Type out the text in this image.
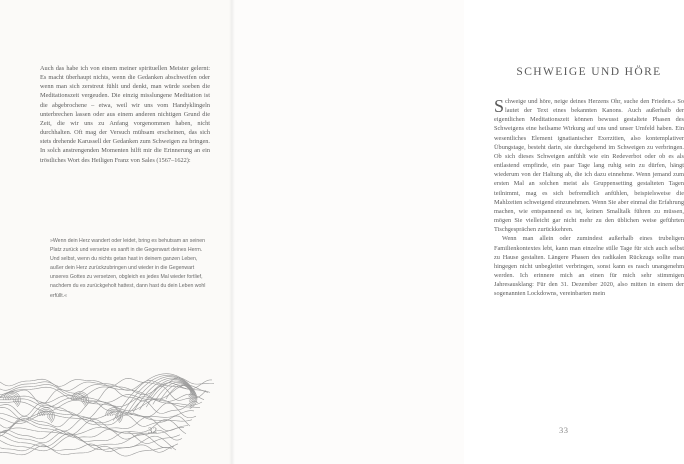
Auch das habe ich von einem meiner spirituellen Meister gelernt: Es macht überhaupt nichts, wenn die Gedanken abschweifen oder wenn man sich zerstreut fühlt und denkt, man würde soeben die Meditationszeit vergeuden. Die einzig misslungene Meditation ist die abgebrochene – etwa, weil wir uns vom Handyklingeln unterbrechen lassen oder aus einem anderen nichtigen Grund die Zeit, die wir uns zu Anfang vorgenommen haben, nicht durchhalten. Oft mag der Versuch mühsam erscheinen, das sich stets drehende Karussell der Gedanken zum Schweigen zu bringen. In solch anstrengenden Momenten hilft mir die Erinnerung an ein tröstliches Wort des Heiligen Franz von Sales (1567–1622):

»Wenn dein Herz wandert oder leidet, bring es behutsam an seinen Platz zurück und versetze es sanft in die Gegenwart deines Herrn. Und selbst, wenn du nichts getan hast in deinem ganzen Leben, außer dein Herz zurückzubringen und wieder in die Gegenwart unseres Gottes zu versetzen, obgleich es jedes Mal wieder fortlief, nachdem du es zurückgeholt hattest, dann hast du dein Leben wohl erfüllt.«

32
SCHWEIGE UND HÖRE

Schweige und höre, neige deines Herzens Ohr, suche den Frieden.« So lautet der Text eines bekannten Kanons. Auch außerhalb der eigentlichen Meditationszeit können bewusst gestaltete Phasen des Schweigens eine heilsame Wirkung auf uns und unser Umfeld haben. Ein wesentliches Element ignatianischer Exerzitien, also kontemplativer Übungstage, besteht darin, sie durchgehend im Schweigen zu verbringen. Ob sich dieses Schweigen anfühlt wie ein Redeverbot oder ob es als entlastend empfinde, ein paar Tage lang ruhig sein zu dürfen, hängt wiederum von der Haltung ab, die ich dazu einnehme. Wenn jemand zum ersten Mal an solchen meist als Gruppensetting gestalteten Tagen teilnimmt, mag es sich befremdlich anfühlen, beispielsweise die Mahlzeiten schweigend einzunehmen. Wenn Sie aber einmal die Erfahrung machen, wie entspannend es ist, keinen Smalltalk führen zu müssen, mögen Sie vielleicht gar nicht mehr zu den üblichen weise geführten Tischgesprächen zurückkehren.

Wenn man allein oder zumindest außerhalb eines trubeligen Familienkontextes lebt, kann man einzelne stille Tage für sich auch selbst zu Hause gestalten. Längere Phasen des radikalen Rückzugs sollte man hingegen nicht unbegleitet verbringen, sonst kann es rasch unangenehm werden. Ich erinnere mich an einen für mich sehr stimmigen Jahresausklang: Für den 31. Dezember 2020, also mitten in einem der sogenannten Lockdowns, vereinbarten mein

33
